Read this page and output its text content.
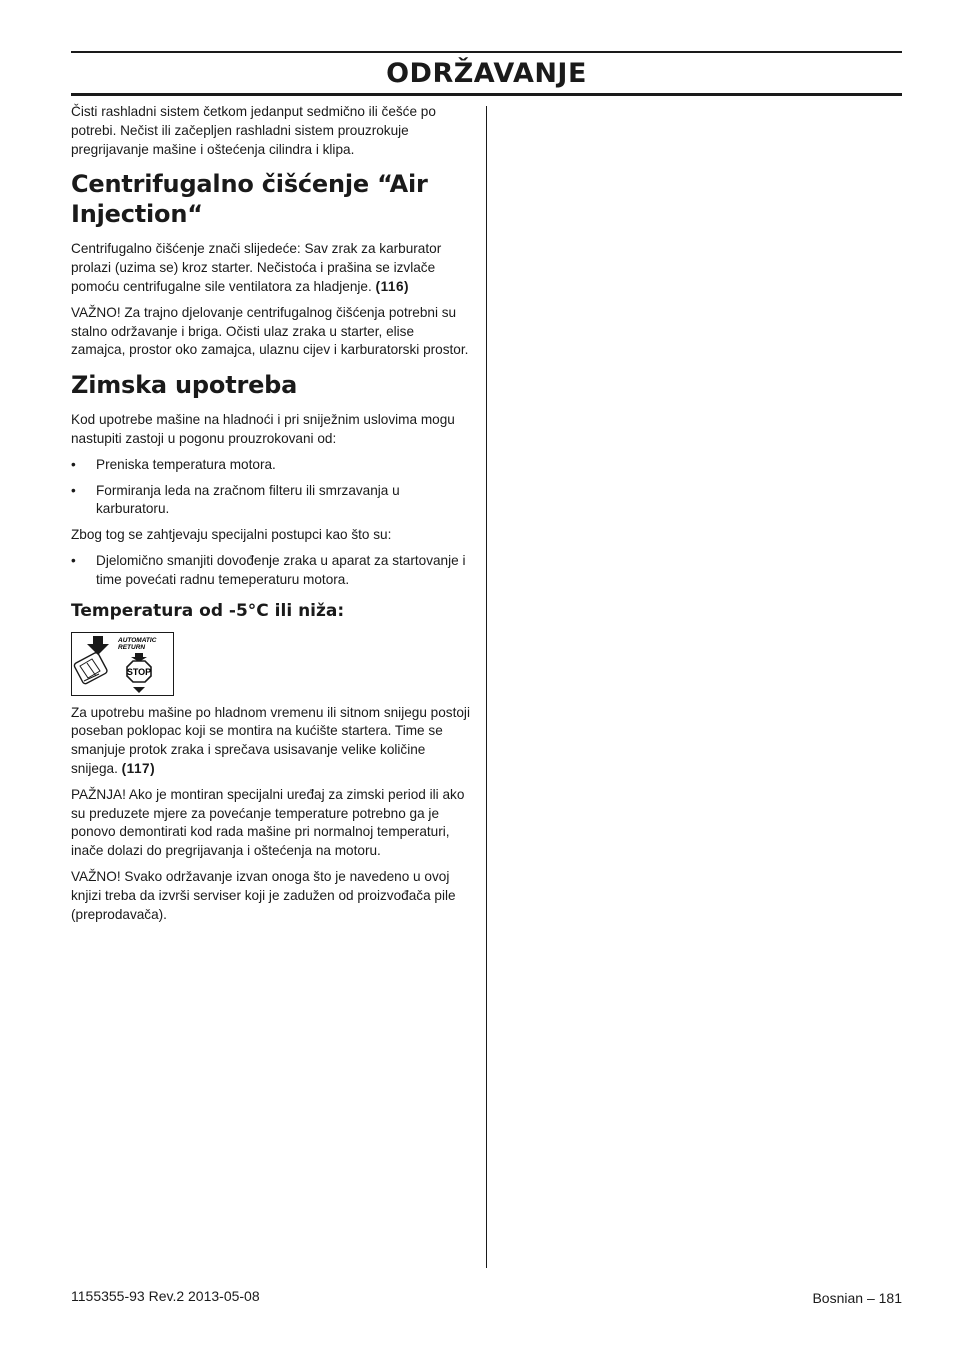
ODRŽAVANJE

Čisti rashladni sistem četkom jedanput sedmično ili češće po potrebi. Nečist ili začepljen rashladni sistem prouzrokuje pregrijavanje mašine i oštećenja cilindra i klipa.

Centrifugalno čišćenje “Air Injection“

Centrifugalno čišćenje znači slijedeće: Sav zrak za karburator prolazi (uzima se) kroz starter. Nečistoća i prašina se izvlače pomoću centrifugalne sile ventilatora za hladjenje. (116)

VAŽNO! Za trajno djelovanje centrifugalnog čišćenja potrebni su stalno održavanje i briga. Očisti ulaz zraka u starter, elise zamajca, prostor oko zamajca, ulaznu cijev i karburatorski prostor.

Zimska upotreba

Kod upotrebe mašine na hladnoći i pri sniježnim uslovima mogu nastupiti zastoji u pogonu prouzrokovani od:

• Preniska temperatura motora.
• Formiranja leda na zračnom filteru ili smrzavanja u karburatoru.

Zbog tog se zahtjevaju specijalni postupci kao što su:

• Djelomično smanjiti dovođenje zraka u aparat za startovanje i time povećati radnu temeperaturu motora.
Temperatura od -5°C ili niža:
AUTOMATIC
RETURN
STOP

Za upotrebu mašine po hladnom vremenu ili sitnom snijegu postoji poseban poklopac koji se montira na kućište startera. Time se smanjuje protok zraka i sprečava usisavanje velike količine snijega. (117)

PAŽNJA! Ako je montiran specijalni uređaj za zimski period ili ako su preduzete mjere za povećanje temperature potrebno ga je ponovo demontirati kod rada mašine pri normalnoj temperaturi, inače dolazi do pregrijavanja i oštećenja na motoru.

VAŽNO! Svako održavanje izvan onoga što je navedeno u ovoj knjizi treba da izvrši serviser koji je zadužen od proizvođača pile (preprodavača).

1155355-93 Rev.2 2013-05-08	Bosnian – 181
